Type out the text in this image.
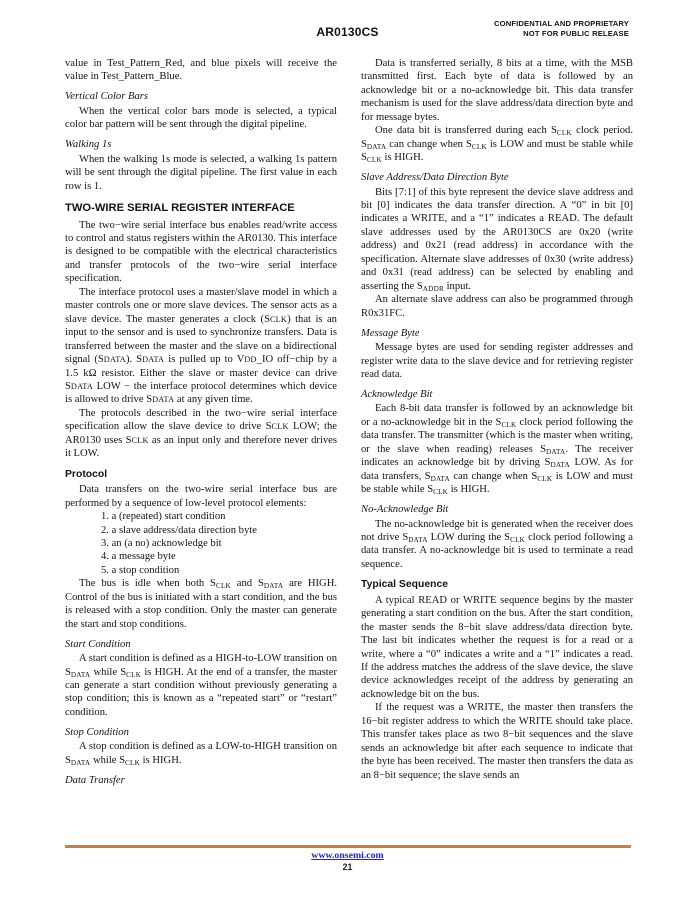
AR0130CS
CONFIDENTIAL AND PROPRIETARY
NOT FOR PUBLIC RELEASE

value in Test_Pattern_Red, and blue pixels will receive the value in Test_Pattern_Blue.

Vertical Color Bars

When the vertical color bars mode is selected, a typical color bar pattern will be sent through the digital pipeline.

Walking 1s

When the walking 1s mode is selected, a walking 1s pattern will be sent through the digital pipeline. The first value in each row is 1.

TWO-WIRE SERIAL REGISTER INTERFACE

The two−wire serial interface bus enables read/write access to control and status registers within the AR0130. This interface is designed to be compatible with the electrical characteristics and transfer protocols of the two−wire serial interface specification.

The interface protocol uses a master/slave model in which a master controls one or more slave devices. The sensor acts as a slave device. The master generates a clock (SCLK) that is an input to the sensor and is used to synchronize transfers. Data is transferred between the master and the slave on a bidirectional signal (SDATA). SDATA is pulled up to VDD_IO off−chip by a 1.5 kΩ resistor. Either the slave or master device can drive SDATA LOW − the interface protocol determines which device is allowed to drive SDATA at any given time.

The protocols described in the two−wire serial interface specification allow the slave device to drive SCLK LOW; the AR0130 uses SCLK as an input only and therefore never drives it LOW.

Protocol

Data transfers on the two-wire serial interface bus are performed by a sequence of low-level protocol elements:

a (repeated) start condition
a slave address/data direction byte
an (a no) acknowledge bit
a message byte
a stop condition

The bus is idle when both $S_{CLK}$ and $S_{DATA}$ are HIGH. Control of the bus is initiated with a start condition, and the bus is released with a stop condition. Only the master can generate the start and stop conditions.

Start Condition

A start condition is defined as a HIGH-to-LOW transition on $S_{DATA}$ while $S_{CLK}$ is HIGH. At the end of a transfer, the master can generate a start condition without previously generating a stop condition; this is known as a “repeated start” or “restart” condition.

Stop Condition

A stop condition is defined as a LOW-to-HIGH transition on $S_{DATA}$ while $S_{CLK}$ is HIGH.

Data Transfer

Data is transferred serially, 8 bits at a time, with the MSB transmitted first. Each byte of data is followed by an acknowledge bit or a no-acknowledge bit. This data transfer mechanism is used for the slave address/data direction byte and for message bytes.

One data bit is transferred during each $S_{CLK}$ clock period. $S_{DATA}$ can change when $S_{CLK}$ is LOW and must be stable while $S_{CLK}$ is HIGH.

Slave Address/Data Direction Byte

Bits [7:1] of this byte represent the device slave address and bit [0] indicates the data transfer direction. A “0” in bit [0] indicates a WRITE, and a “1” indicates a READ. The default slave addresses used by the AR0130CS are 0x20 (write address) and 0x21 (read address) in accordance with the specification. Alternate slave addresses of 0x30 (write address) and 0x31 (read address) can be selected by enabling and asserting the $S_{ADDR}$ input.

An alternate slave address can also be programmed through R0x31FC.

Message Byte

Message bytes are used for sending register addresses and register write data to the slave device and for retrieving register read data.

Acknowledge Bit

Each 8-bit data transfer is followed by an acknowledge bit or a no-acknowledge bit in the $S_{CLK}$ clock period following the data transfer. The transmitter (which is the master when writing, or the slave when reading) releases $S_{DATA}$. The receiver indicates an acknowledge bit by driving $S_{DATA}$ LOW. As for data transfers, $S_{DATA}$ can change when $S_{CLK}$ is LOW and must be stable while $S_{CLK}$ is HIGH.

No-Acknowledge Bit

The no-acknowledge bit is generated when the receiver does not drive $S_{DATA}$ LOW during the $S_{CLK}$ clock period following a data transfer. A no-acknowledge bit is used to terminate a read sequence.

Typical Sequence

A typical READ or WRITE sequence begins by the master generating a start condition on the bus. After the start condition, the master sends the 8−bit slave address/data direction byte. The last bit indicates whether the request is for a read or a write, where a “0” indicates a write and a “1” indicates a read. If the address matches the address of the slave device, the slave device acknowledges receipt of the address by generating an acknowledge bit on the bus.

If the request was a WRITE, the master then transfers the 16−bit register address to which the WRITE should take place. This transfer takes place as two 8−bit sequences and the slave sends an acknowledge bit after each sequence to indicate that the byte has been received. The master then transfers the data as an 8−bit sequence; the slave sends an

www.onsemi.com
21
